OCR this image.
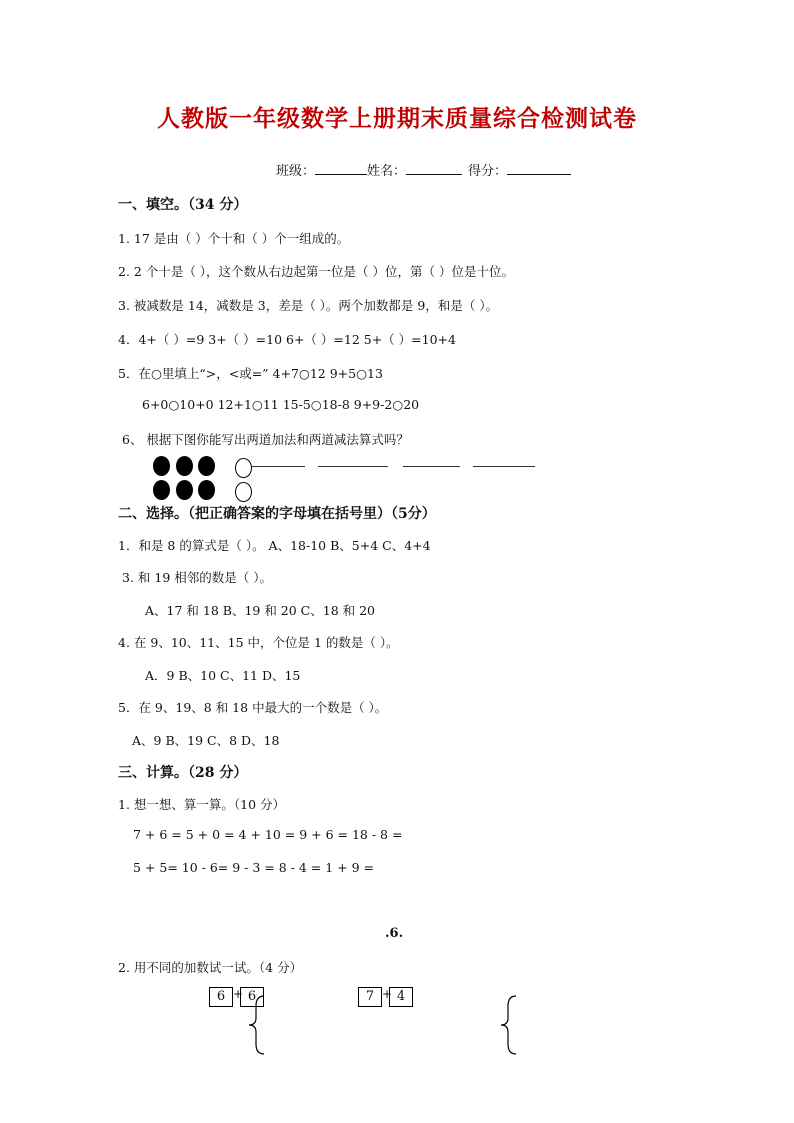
人教版一年级数学上册期末质量综合检测试卷
班级：	姓名：	得分：
一、填空。（34 分）
1. 17 是由（ ）个十和（ ）个一组成的。
2. 2 个十是（ ），这个数从右边起第一位是（ ）位，第（ ）位是十位。
3. 被减数是 14，减数是 3，差是（ ）。两个加数都是 9，和是（ ）。
4．4+（ ）=9 3+（ ）=10 6+（ ）=12 5+（ ）=10+4
5．在○里填上“>，<或=” 4+7○12 9+5○13
6+0○10+0 12+1○11 15-5○18-8 9+9-2○20
6、 根据下图你能写出两道加法和两道减法算式吗？
二、选择。（把正确答案的字母填在括号里）（5分）
1．和是 8 的算式是（ ）。 A、18-10 B、5+4 C、4+4
3. 和 19 相邻的数是（ ）。
A、17 和 18 B、19 和 20 C、18 和 20
4. 在 9、10、11、15 中，个位是 1 的数是（ ）。
A．9 B、10 C、11 D、15
5．在 9、19、8 和 18 中最大的一个数是（ ）。
A、9 B、19 C、8 D、18
三、计算。（28 分）
1. 想一想、算一算。（10 分）
7 + 6 = 5 + 0 = 4 + 10 = 9 + 6 = 18 - 8 =
5 + 5= 10 - 6= 9 - 3 = 8 - 4 = 1 + 9 =
.6.
2. 用不同的加数试一试。（4 分）
6 + 6	7 + 4
